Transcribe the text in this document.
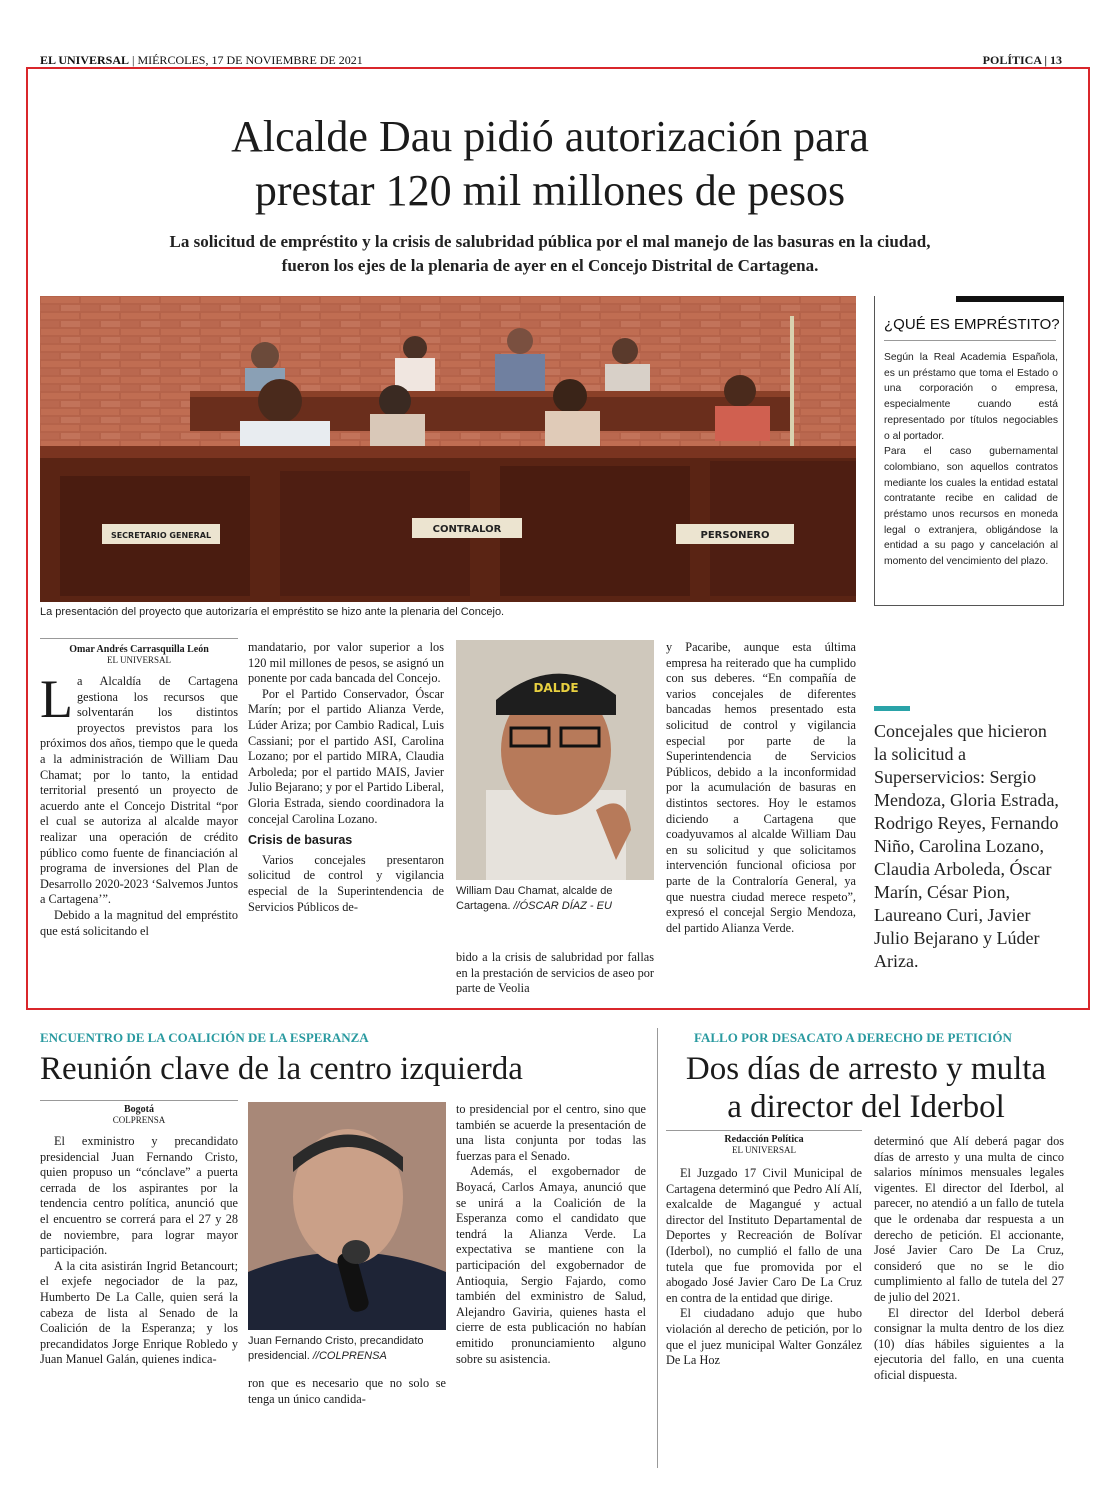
EL UNIVERSAL | MIÉRCOLES, 17 DE NOVIEMBRE DE 2021	POLÍTICA | 13
Alcalde Dau pidió autorización para
prestar 120 mil millones de pesos
La solicitud de empréstito y la crisis de salubridad pública por el mal manejo de las basuras en la ciudad,
fueron los ejes de la plenaria de ayer en el Concejo Distrital de Cartagena.
SECRETARIO GENERAL
CONTRALOR
PERSONERO
La presentación del proyecto que autorizaría el empréstito se hizo ante la plenaria del Concejo.
¿QUÉ ES EMPRÉSTITO?
Según la Real Academia Española, es un préstamo que toma el Estado o una corporación o empresa, especialmente cuando está representado por títulos negociables o al portador.
Para el caso gubernamental colombiano, son aquellos contratos mediante los cuales la entidad estatal contratante recibe en calidad de préstamo unos recursos en moneda legal o extranjera, obligándose la entidad a su pago y cancelación al momento del vencimiento del plazo.
Omar Andrés Carrasquilla León
EL UNIVERSAL
L a Alcaldía de Cartagena gestiona los recursos que solventarán los distintos proyectos previstos para los próximos dos años, tiempo que le queda a la administración de William Dau Chamat; por lo tanto, la entidad territorial presentó un proyecto de acuerdo ante el Concejo Distrital “por el cual se autoriza al alcalde mayor realizar una operación de crédito público como fuente de financiación al programa de inversiones del Plan de Desarrollo 2020-2023 ‘Salvemos Juntos a Cartagena’”.

Debido a la magnitud del empréstito que está solicitando el

mandatario, por valor superior a los 120 mil millones de pesos, se asignó un ponente por cada bancada del Concejo.

Por el Partido Conservador, Óscar Marín; por el partido Alianza Verde, Lúder Ariza; por Cambio Radical, Luis Cassiani; por el partido ASI, Carolina Lozano; por el partido MIRA, Claudia Arboleda; por el partido MAIS, Javier Julio Bejarano; y por el Partido Liberal, Gloria Estrada, siendo coordinadora la concejal Carolina Lozano.

Crisis de basuras

Varios concejales presentaron solicitud de control y vigilancia especial de la Superintendencia de Servicios Públicos de-

DALDE
William Dau Chamat, alcalde de Cartagena. //ÓSCAR DÍAZ - EU

bido a la crisis de salubridad por fallas en la prestación de servicios de aseo por parte de Veolia

y Pacaribe, aunque esta última empresa ha reiterado que ha cumplido con sus deberes. “En compañía de varios concejales de diferentes bancadas hemos presentado esta solicitud de control y vigilancia especial por parte de la Superintendencia de Servicios Públicos, debido a la inconformidad por la acumulación de basuras en distintos sectores. Hoy le estamos diciendo a Cartagena que coadyuvamos al alcalde William Dau en su solicitud y que solicitamos intervención funcional oficiosa por parte de la Contraloría General, ya que nuestra ciudad merece respeto”, expresó el concejal Sergio Mendoza, del partido Alianza Verde.

Concejales que hicieron la solicitud a Superservicios: Sergio Mendoza, Gloria Estrada, Rodrigo Reyes, Fernando Niño, Carolina Lozano, Claudia Arboleda, Óscar Marín, César Pion, Laureano Curi, Javier Julio Bejarano y Lúder Ariza.
ENCUENTRO DE LA COALICIÓN DE LA ESPERANZA
Reunión clave de la centro izquierda
Bogotá
COLPRENSA

El exministro y precandidato presidencial Juan Fernando Cristo, quien propuso un “cónclave” a puerta cerrada de los aspirantes por la tendencia centro política, anunció que el encuentro se correrá para el 27 y 28 de noviembre, para lograr mayor participación.

A la cita asistirán Ingrid Betancourt; el exjefe negociador de la paz, Humberto De La Calle, quien será la cabeza de lista al Senado de la Coalición de la Esperanza; y los precandidatos Jorge Enrique Robledo y Juan Manuel Galán, quienes indica-

Juan Fernando Cristo, precandidato presidencial. //COLPRENSA

ron que es necesario que no solo se tenga un único candida-

to presidencial por el centro, sino que también se acuerde la presentación de una lista conjunta por todas las fuerzas para el Senado.

Además, el exgobernador de Boyacá, Carlos Amaya, anunció que se unirá a la Coalición de la Esperanza como el candidato que tendrá la Alianza Verde. La expectativa se mantiene con la participación del exgobernador de Antioquia, Sergio Fajardo, como también del exministro de Salud, Alejandro Gaviria, quienes hasta el cierre de esta publicación no habían emitido pronunciamiento alguno sobre su asistencia.

FALLO POR DESACATO A DERECHO DE PETICIÓN
Dos días de arresto y multa
a director del Iderbol
Redacción Política
EL UNIVERSAL

El Juzgado 17 Civil Municipal de Cartagena determinó que Pedro Alí Alí, exalcalde de Magangué y actual director del Instituto Departamental de Deportes y Recreación de Bolívar (Iderbol), no cumplió el fallo de una tutela que fue promovida por el abogado José Javier Caro De La Cruz en contra de la entidad que dirige.

El ciudadano adujo que hubo violación al derecho de petición, por lo que el juez municipal Walter González De La Hoz

determinó que Alí deberá pagar dos días de arresto y una multa de cinco salarios mínimos mensuales legales vigentes. El director del Iderbol, al parecer, no atendió a un fallo de tutela que le ordenaba dar respuesta a un derecho de petición. El accionante, José Javier Caro De La Cruz, consideró que no se le dio cumplimiento al fallo de tutela del 27 de julio del 2021.

El director del Iderbol deberá consignar la multa dentro de los diez (10) días hábiles siguientes a la ejecutoria del fallo, en una cuenta oficial dispuesta.
